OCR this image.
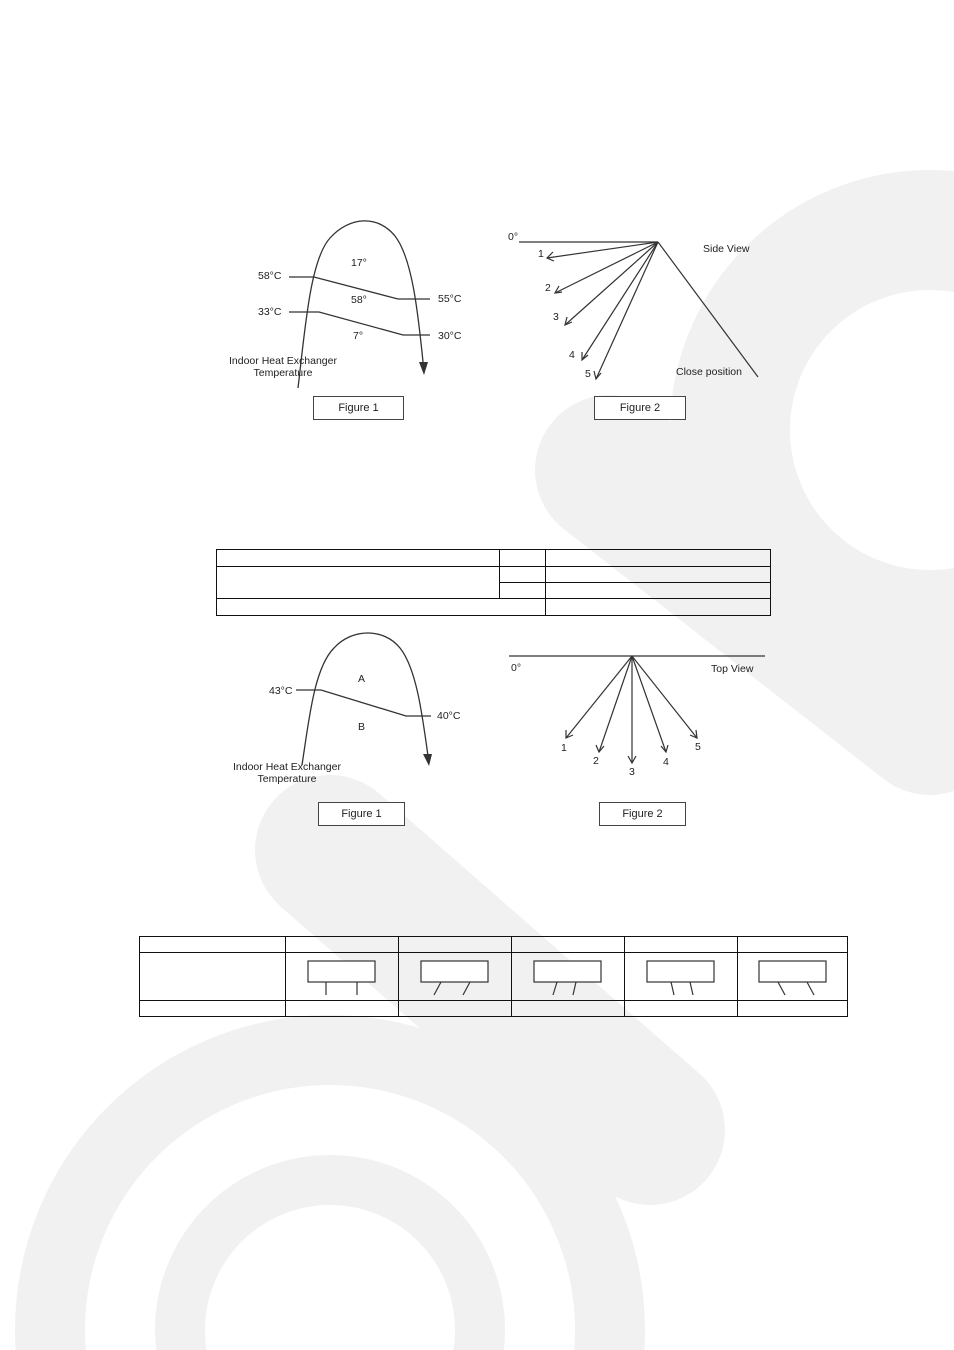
58°C
33°C
55°C
30°C
17°
58°
7°
Indoor Heat Exchanger
Temperature
Figure 1
0°
Side View
Close position
1
2
3
4
5
Figure 2

43°C
40°C
A
B
Indoor Heat Exchanger
Temperature
Figure 1
0°	Top View
1
2
3
4
5
Figure 2
